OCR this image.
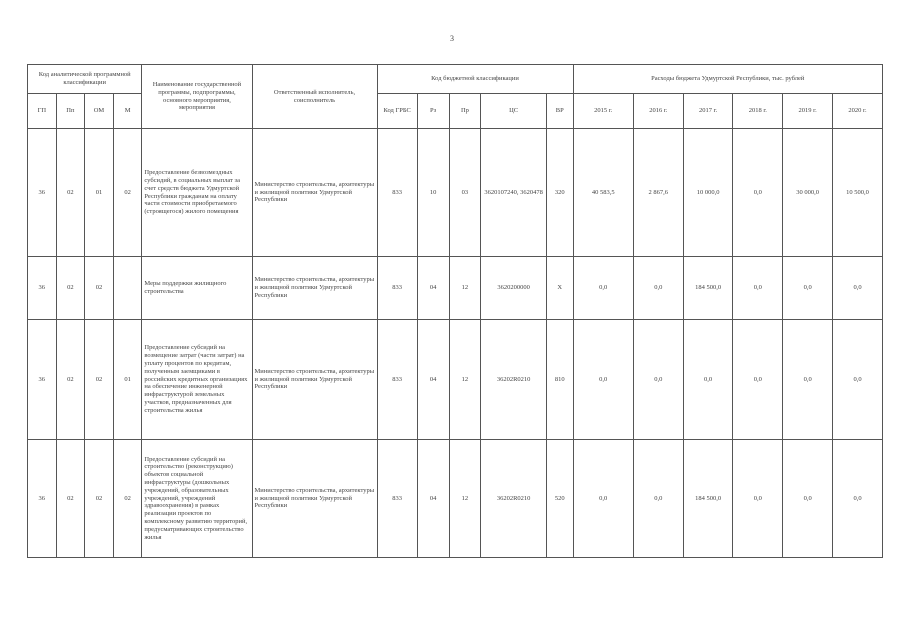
3
Код аналитической программной классификации				Наименование государственной программы, подпрограммы, основного мероприятия, мероприятия	Ответственный исполнитель, соисполнитель	Код бюджетной классификации					Расходы бюджета Удмуртской Республики, тыс. рублей					
ГП	Пп	ОМ	М			Код ГРБС	Рз	Пр	ЦС	ВР	2015 г.	2016 г.	2017 г.	2018 г.	2019 г.	2020 г.
36	02	01	02	Предоставление безвозмездных субсидий, в социальных выплат за счет средств бюджета Удмуртской Республики гражданам на оплату части стоимости приобретаемого (строящегося) жилого помещения	Министерство строительства, архитектуры и жилищной политики Удмуртской Республики	833	10	03	3620107240, 3620478	320	40 583,5	2 867,6	10 000,0	0,0	30 000,0	10 500,0
36	02	02		Меры поддержки жилищного строительства	Министерство строительства, архитектуры и жилищной политики Удмуртской Республики	833	04	12	3620200000	Х	0,0	0,0	184 500,0	0,0	0,0	0,0
36	02	02	01	Предоставление субсидий на возмещение затрат (части затрат) на уплату процентов по кредитам, полученным заемщиками в российских кредитных организациях на обеспечение инженерной инфраструктурой земельных участков, предназначенных для строительства жилья	Министерство строительства, архитектуры и жилищной политики Удмуртской Республики	833	04	12	36202R0210	810	0,0	0,0	0,0	0,0	0,0	0,0
36	02	02	02	Предоставление субсидий на строительство (реконструкцию) объектов социальной инфраструктуры (дошкольных учреждений, образовательных учреждений, учреждений здравоохранения) в рамках реализации проектов по комплексному развитию территорий, предусматривающих строительство жилья	Министерство строительства, архитектуры и жилищной политики Удмуртской Республики	833	04	12	36202R0210	520	0,0	0,0	184 500,0	0,0	0,0	0,0
